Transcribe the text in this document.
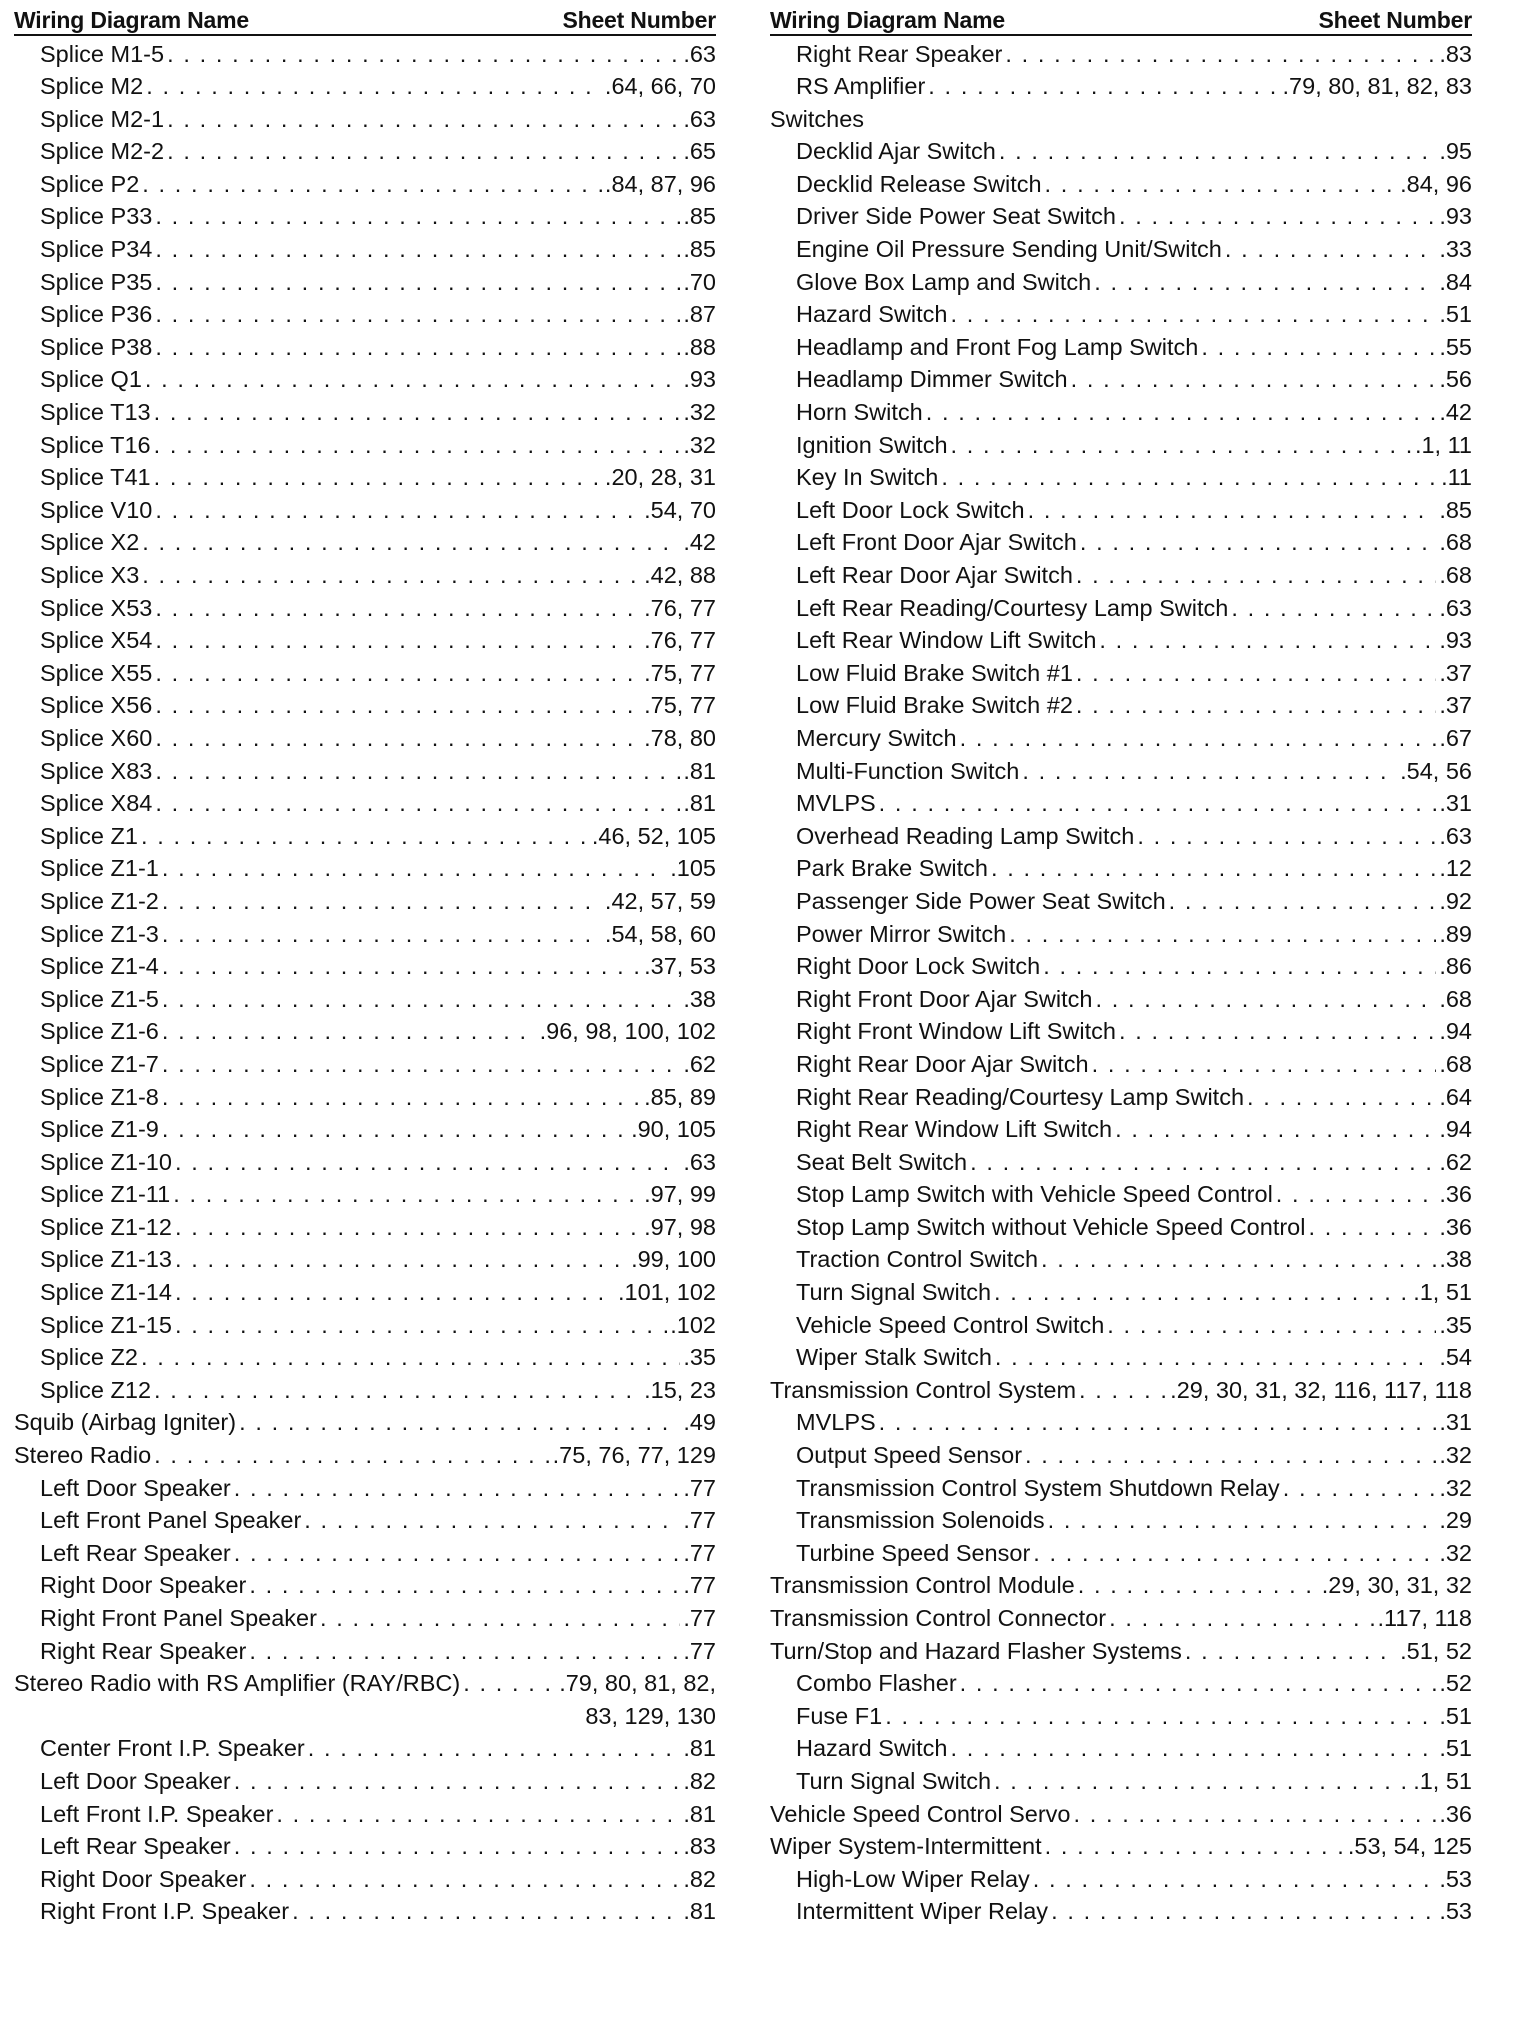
Wiring Diagram Name	Sheet Number
Splice M1-5 . . .	.63
Splice M2 . . .	.64, 66, 70
Splice M2-1 . . .	.63
Splice M2-2 . . .	.65
Splice P2 . . .	.84, 87, 96
Splice P33 . . .	.85
Splice P34 . . .	.85
Splice P35 . . .	.70
Splice P36 . . .	.87
Splice P38 . . .	.88
Splice Q1 . . .	.93
Splice T13 . . .	.32
Splice T16 . . .	.32
Splice T41 . . .	.20, 28, 31
Splice V10 . . .	.54, 70
Splice X2 . . .	.42
Splice X3 . . .	.42, 88
Splice X53 . . .	.76, 77
Splice X54 . . .	.76, 77
Splice X55 . . .	.75, 77
Splice X56 . . .	.75, 77
Splice X60 . . .	.78, 80
Splice X83 . . .	.81
Splice X84 . . .	.81
Splice Z1 . . .	.46, 52, 105
Splice Z1-1 . . .	.105
Splice Z1-2 . . .	.42, 57, 59
Splice Z1-3 . . .	.54, 58, 60
Splice Z1-4 . . .	.37, 53
Splice Z1-5 . . .	.38
Splice Z1-6 . . .	.96, 98, 100, 102
Splice Z1-7 . . .	.62
Splice Z1-8 . . .	.85, 89
Splice Z1-9 . . .	.90, 105
Splice Z1-10 . . .	.63
Splice Z1-11 . . .	.97, 99
Splice Z1-12 . . .	.97, 98
Splice Z1-13 . . .	.99, 100
Splice Z1-14 . . .	.101, 102
Splice Z1-15 . . .	.102
Splice Z2 . . .	.35
Splice Z12 . . .	.15, 23
Squib (Airbag Igniter) . . .	.49
Stereo Radio . . .	.75, 76, 77, 129
Left Door Speaker . . .	.77
Left Front Panel Speaker . . .	.77
Left Rear Speaker . . .	.77
Right Door Speaker . . .	.77
Right Front Panel Speaker . . .	.77
Right Rear Speaker . . .	.77
Stereo Radio with RS Amplifier (RAY/RBC) . . .	.79, 80, 81, 82,
83, 129, 130
Center Front I.P. Speaker . . .	.81
Left Door Speaker . . .	.82
Left Front I.P. Speaker . . .	.81
Left Rear Speaker . . .	.83
Right Door Speaker . . .	.82
Right Front I.P. Speaker . . .	.81
Wiring Diagram Name	Sheet Number
Right Rear Speaker . . .	.83
RS Amplifier . . .	.79, 80, 81, 82, 83
Switches
Decklid Ajar Switch . . .	.95
Decklid Release Switch . . .	.84, 96
Driver Side Power Seat Switch . . .	.93
Engine Oil Pressure Sending Unit/Switch . . .	.33
Glove Box Lamp and Switch . . .	.84
Hazard Switch . . .	.51
Headlamp and Front Fog Lamp Switch . . .	.55
Headlamp Dimmer Switch . . .	.56
Horn Switch . . .	.42
Ignition Switch . . .	.1, 11
Key In Switch . . .	.11
Left Door Lock Switch . . .	.85
Left Front Door Ajar Switch . . .	.68
Left Rear Door Ajar Switch . . .	.68
Left Rear Reading/Courtesy Lamp Switch . . .	.63
Left Rear Window Lift Switch . . .	.93
Low Fluid Brake Switch #1 . . .	.37
Low Fluid Brake Switch #2 . . .	.37
Mercury Switch . . .	.67
Multi-Function Switch . . .	.54, 56
MVLPS . . .	.31
Overhead Reading Lamp Switch . . .	.63
Park Brake Switch . . .	.12
Passenger Side Power Seat Switch . . .	.92
Power Mirror Switch . . .	.89
Right Door Lock Switch . . .	.86
Right Front Door Ajar Switch . . .	.68
Right Front Window Lift Switch . . .	.94
Right Rear Door Ajar Switch . . .	.68
Right Rear Reading/Courtesy Lamp Switch . . .	.64
Right Rear Window Lift Switch . . .	.94
Seat Belt Switch . . .	.62
Stop Lamp Switch with Vehicle Speed Control . . .	.36
Stop Lamp Switch without Vehicle Speed Control . . .	.36
Traction Control Switch . . .	.38
Turn Signal Switch . . .	.1, 51
Vehicle Speed Control Switch . . .	.35
Wiper Stalk Switch . . .	.54
Transmission Control System . . .	.29, 30, 31, 32, 116, 117, 118
MVLPS . . .	.31
Output Speed Sensor . . .	.32
Transmission Control System Shutdown Relay . . .	.32
Transmission Solenoids . . .	.29
Turbine Speed Sensor . . .	.32
Transmission Control Module . . .	.29, 30, 31, 32
Transmission Control Connector . . .	.117, 118
Turn/Stop and Hazard Flasher Systems . . .	.51, 52
Combo Flasher . . .	.52
Fuse F1 . . .	.51
Hazard Switch . . .	.51
Turn Signal Switch . . .	.1, 51
Vehicle Speed Control Servo . . .	.36
Wiper System-Intermittent . . .	.53, 54, 125
High-Low Wiper Relay . . .	.53
Intermittent Wiper Relay . . .	.53
